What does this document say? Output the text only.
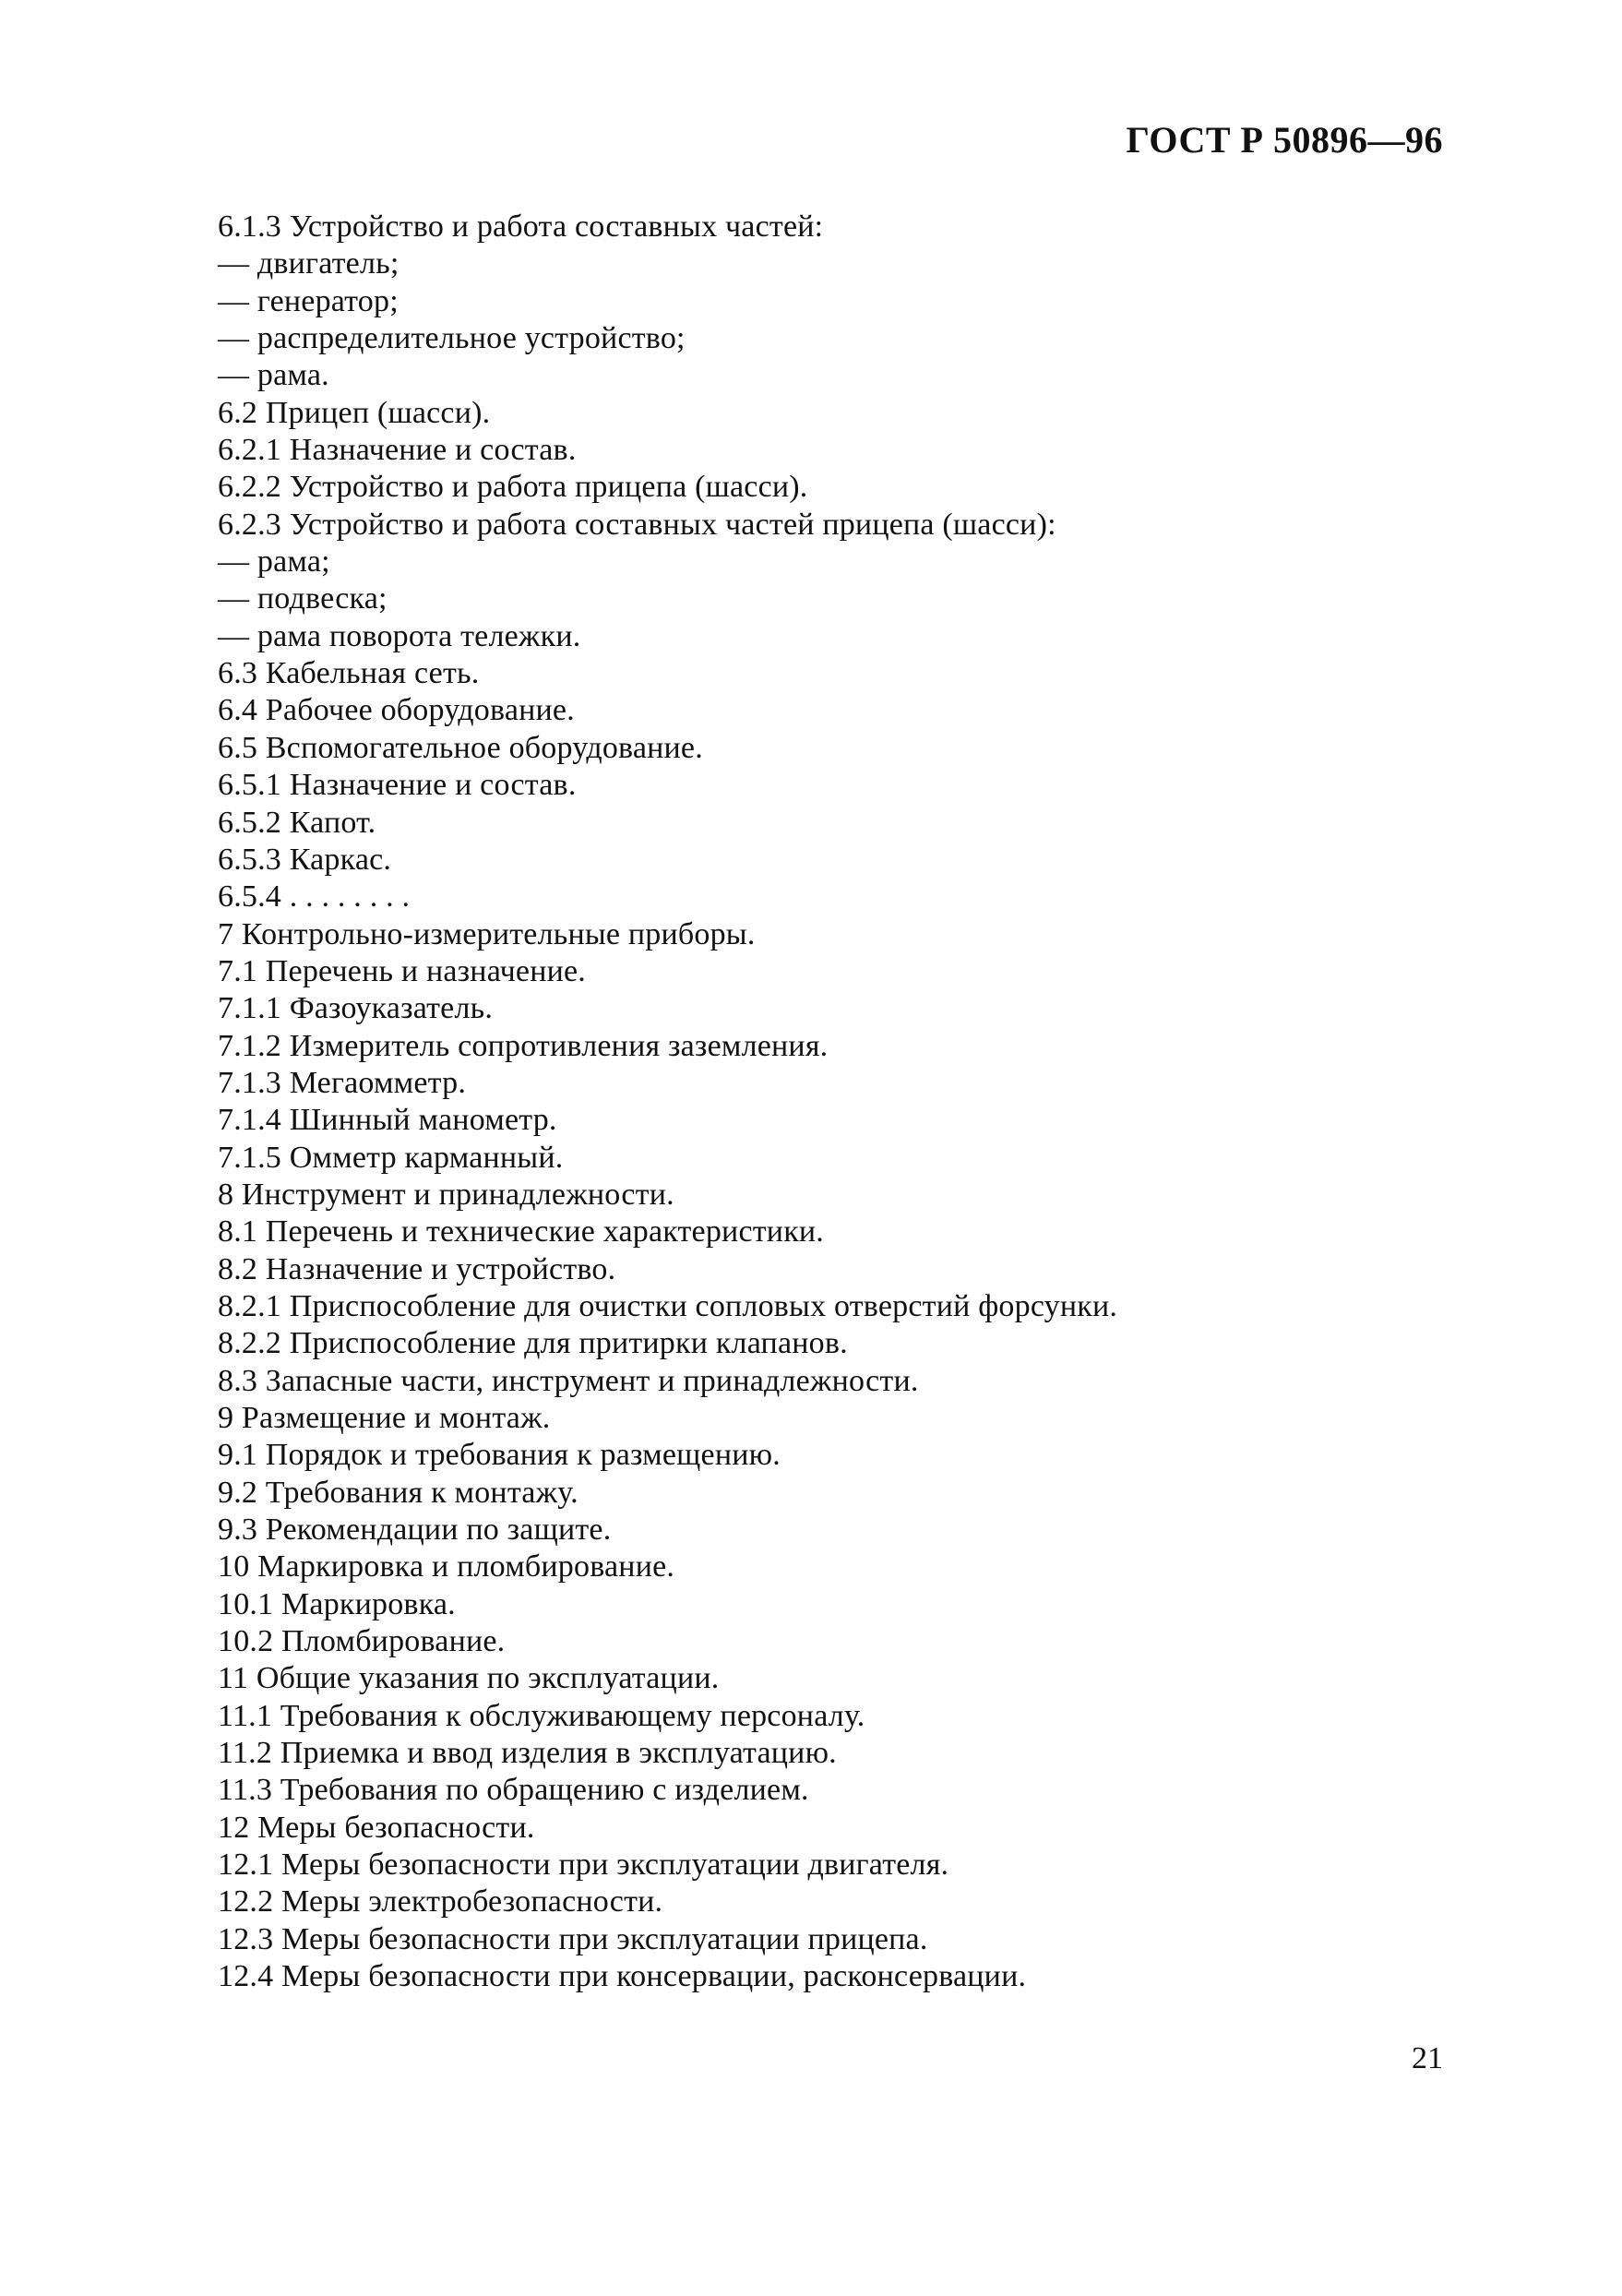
ГОСТ Р 50896—96
6.1.3 Устройство и работа составных частей:
— двигатель;
— генератор;
— распределительное устройство;
— рама.
6.2 Прицеп (шасси).
6.2.1 Назначение и состав.
6.2.2 Устройство и работа прицепа (шасси).
6.2.3 Устройство и работа составных частей прицепа (шасси):
— рама;
— подвеска;
— рама поворота тележки.
6.3 Кабельная сеть.
6.4 Рабочее оборудование.
6.5 Вспомогательное оборудование.
6.5.1 Назначение и состав.
6.5.2 Капот.
6.5.3 Каркас.
6.5.4 . . . . . . . .
7 Контрольно-измерительные приборы.
7.1 Перечень и назначение.
7.1.1 Фазоуказатель.
7.1.2 Измеритель сопротивления заземления.
7.1.3 Мегаомметр.
7.1.4 Шинный манометр.
7.1.5 Омметр карманный.
8 Инструмент и принадлежности.
8.1 Перечень и технические характеристики.
8.2 Назначение и устройство.
8.2.1 Приспособление для очистки сопловых отверстий форсунки.
8.2.2 Приспособление для притирки клапанов.
8.3 Запасные части, инструмент и принадлежности.
9 Размещение и монтаж.
9.1 Порядок и требования к размещению.
9.2 Требования к монтажу.
9.3 Рекомендации по защите.
10 Маркировка и пломбирование.
10.1 Маркировка.
10.2 Пломбирование.
11 Общие указания по эксплуатации.
11.1 Требования к обслуживающему персоналу.
11.2 Приемка и ввод изделия в эксплуатацию.
11.3 Требования по обращению с изделием.
12 Меры безопасности.
12.1 Меры безопасности при эксплуатации двигателя.
12.2 Меры электробезопасности.
12.3 Меры безопасности при эксплуатации прицепа.
12.4 Меры безопасности при консервации, расконсервации.
21
